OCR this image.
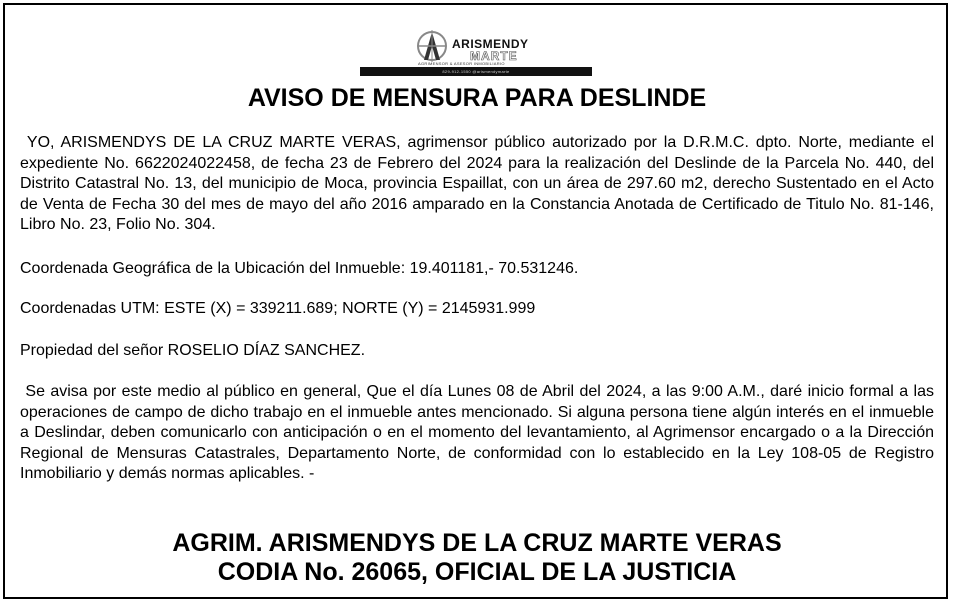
ARISMENDY
MARTE
AGRIMENSOR & ASESOR INMOBILIARIO
829-912-1550 @arismendymarte
AVISO DE MENSURA PARA DESLINDE

YO, ARISMENDYS DE LA CRUZ MARTE VERAS, agrimensor público autorizado por la D.R.M.C. dpto. Norte, mediante el expediente No. 6622024022458, de fecha 23 de Febrero del 2024 para la realización del Deslinde de la Parcela No. 440, del Distrito Catastral No. 13, del municipio de Moca, provincia Espaillat, con un área de 297.60 m2, derecho Sustentado en el Acto de Venta de Fecha 30 del mes de mayo del año 2016 amparado en la Constancia Anotada de Certificado de Titulo No. 81-146, Libro No. 23, Folio No. 304.

Coordenada Geográfica de la Ubicación del Inmueble: 19.401181,- 70.531246.

Coordenadas UTM: ESTE (X) = 339211.689; NORTE (Y) = 2145931.999

Propiedad del señor ROSELIO DÍAZ SANCHEZ.

Se avisa por este medio al público en general, Que el día Lunes 08 de Abril del 2024, a las 9:00 A.M., daré inicio formal a las operaciones de campo de dicho trabajo en el inmueble antes mencionado. Si alguna persona tiene algún interés en el inmueble a Deslindar, deben comunicarlo con anticipación o en el momento del levantamiento, al Agrimensor encargado o a la Dirección Regional de Mensuras Catastrales, Departamento Norte, de conformidad con lo establecido en la Ley 108-05 de Registro Inmobiliario y demás normas aplicables. -

AGRIM. ARISMENDYS DE LA CRUZ MARTE VERAS
CODIA No. 26065, OFICIAL DE LA JUSTICIA
